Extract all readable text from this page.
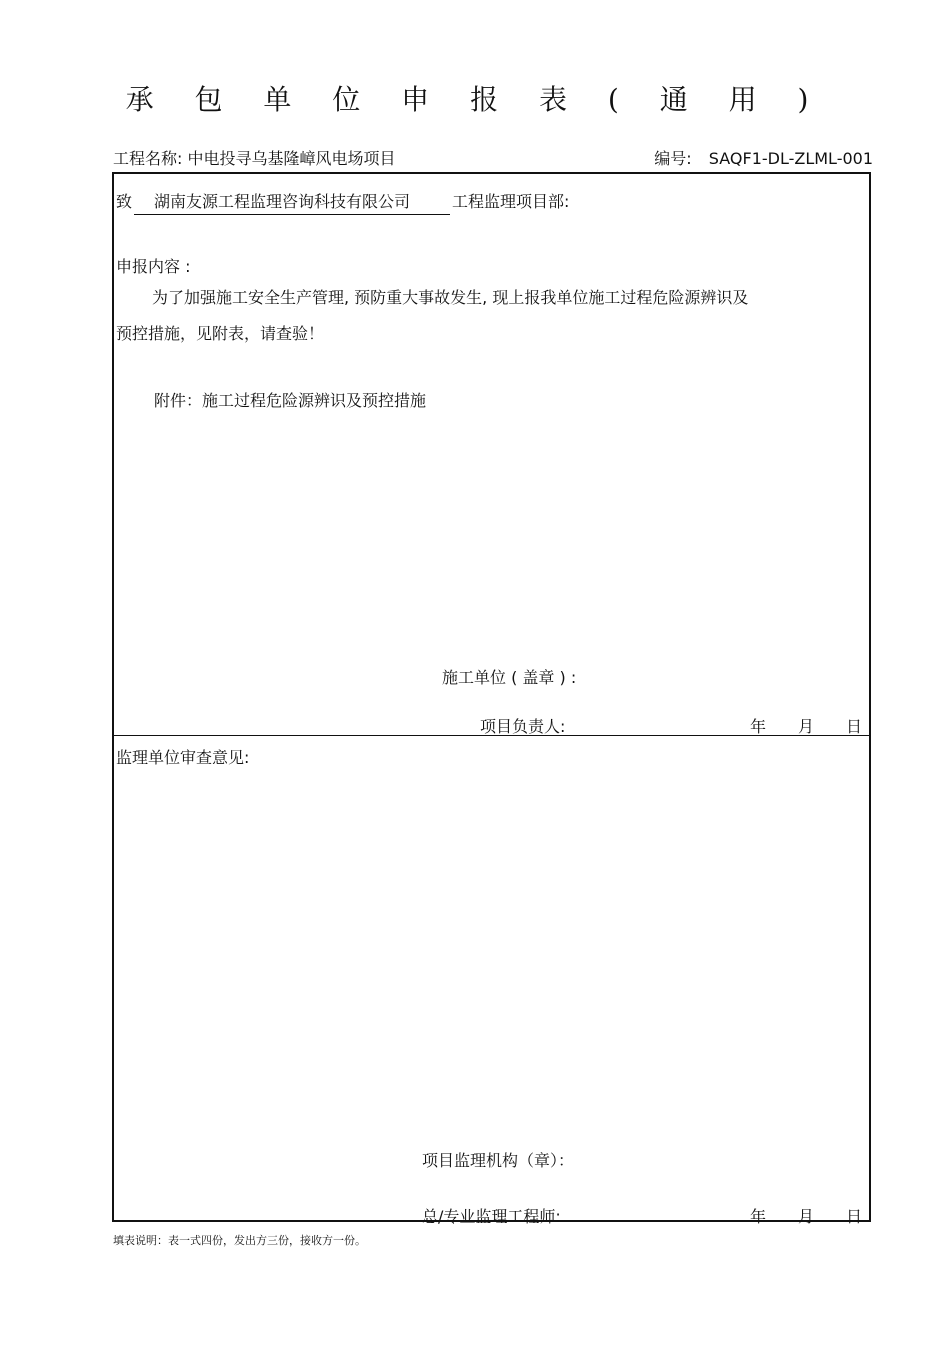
承 包 单 位 申 报 表 ( 通 用 )
工程名称: 中电投寻乌基隆嶂风电场项目	编号: SAQF1-DL-ZLML-001
致 湖南友源工程监理咨询科技有限公司	工程监理项目部:
申报内容 :
为了加强施工安全生产管理, 预防重大事故发生, 现上报我单位施工过程危险源辨识及
预控措施，见附表，请查验！
附件：施工过程危险源辨识及预控措施
施工单位 ( 盖章 ) :
项目负责人:	年 月 日
监理单位审查意见:
项目监理机构（章）：
总/专业监理工程师:	年 月 日
填表说明：表一式四份，发出方三份，接收方一份。
